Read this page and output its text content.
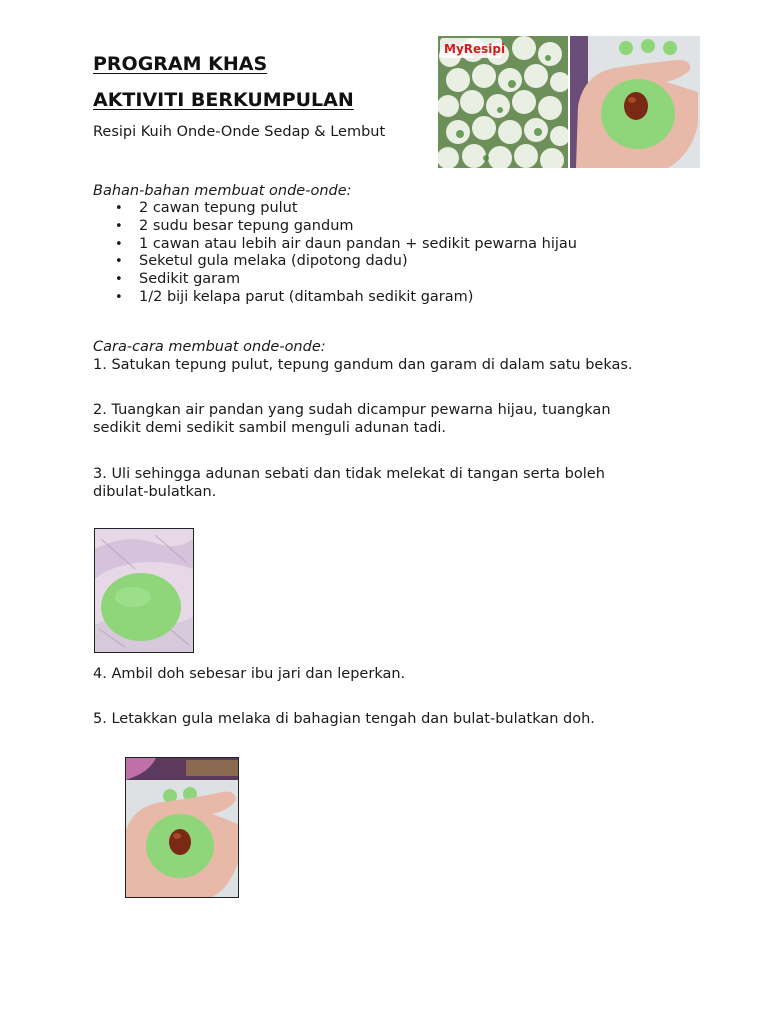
PROGRAM KHAS
AKTIVITI BERKUMPULAN
Resipi Kuih Onde-Onde Sedap & Lembut
MyResipi
Bahan-bahan membuat onde-onde:
• 2 cawan tepung pulut
• 2 sudu besar tepung gandum
• 1 cawan atau lebih air daun pandan + sedikit pewarna hijau
• Seketul gula melaka (dipotong dadu)
• Sedikit garam
• 1/2 biji kelapa parut (ditambah sedikit garam)
Cara-cara membuat onde-onde:
1. Satukan tepung pulut, tepung gandum dan garam di dalam satu bekas.
2. Tuangkan air pandan yang sudah dicampur pewarna hijau, tuangkan sedikit demi sedikit sambil menguli adunan tadi.
3. Uli sehingga adunan sebati dan tidak melekat di tangan serta boleh dibulat-bulatkan.
4. Ambil doh sebesar ibu jari dan leperkan.
5. Letakkan gula melaka di bahagian tengah dan bulat-bulatkan doh.
